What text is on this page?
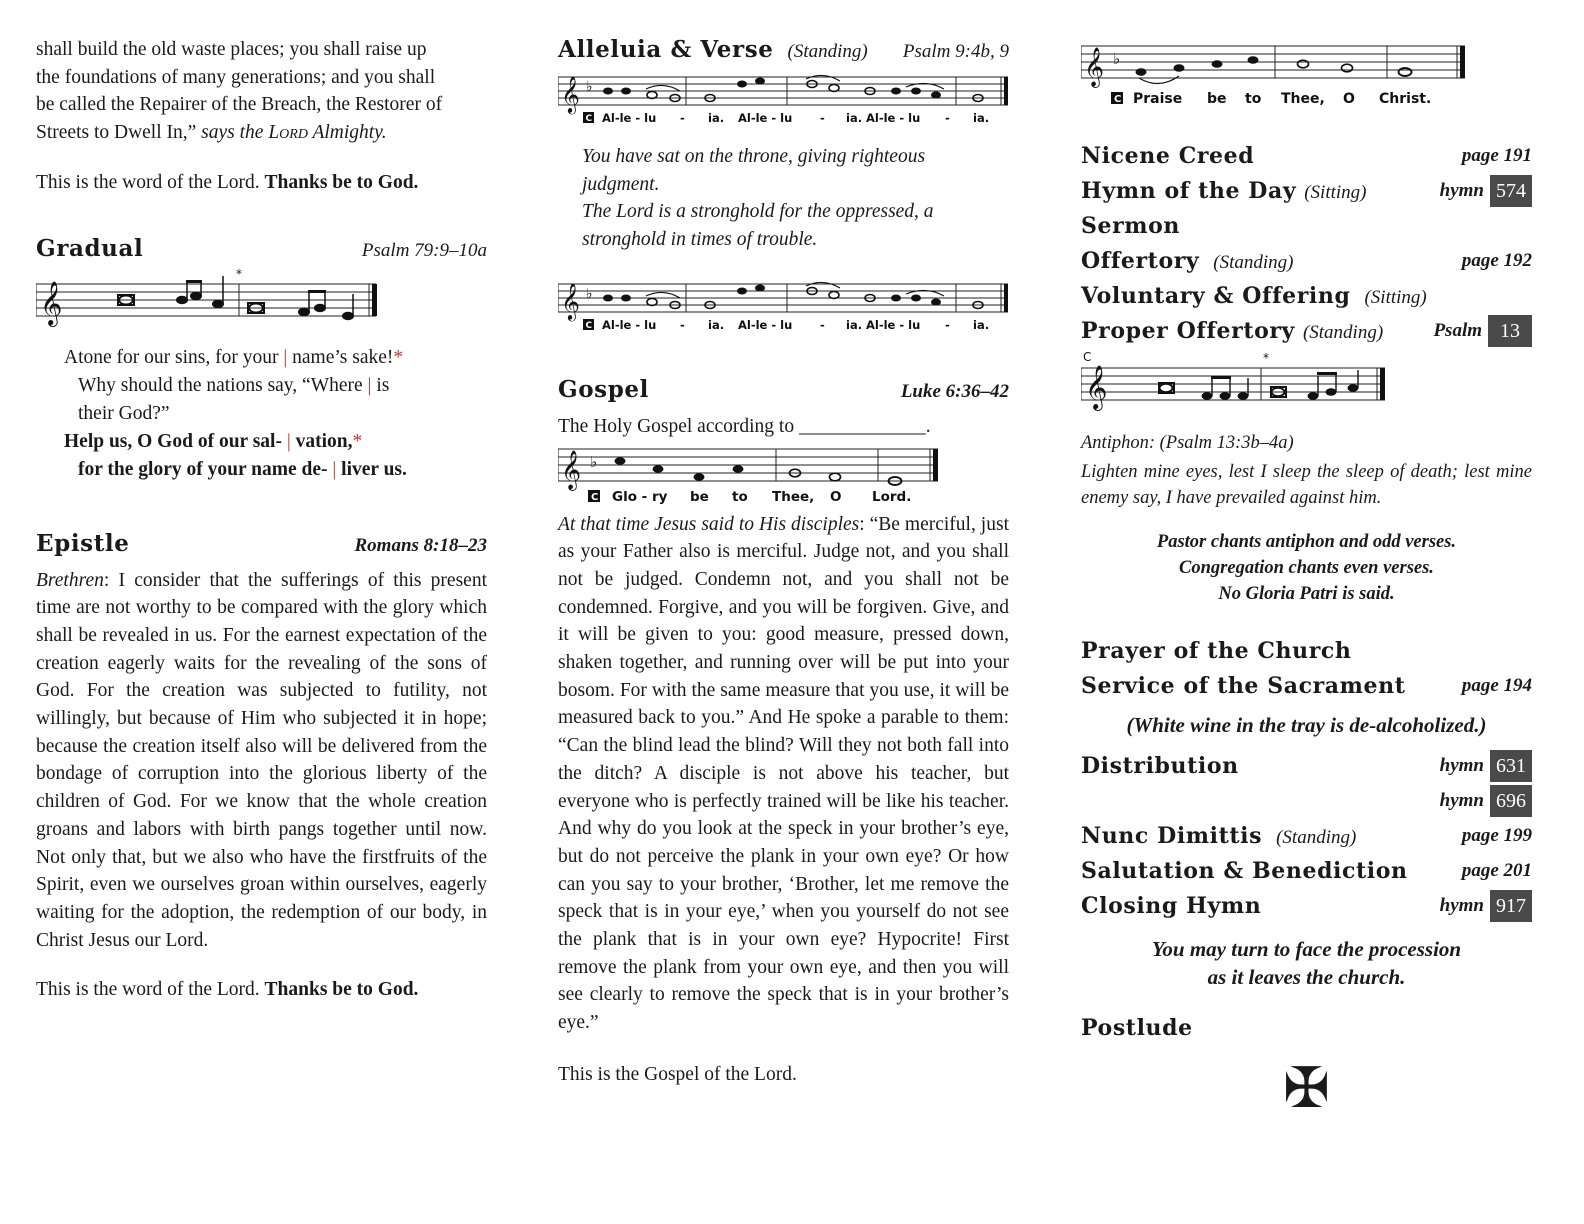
shall build the old waste places; you shall raise up
the foundations of many generations; and you shall
be called the Repairer of the Breach, the Restorer of
Streets to Dwell In,” says the Lord Almighty.
This is the word of the Lord. Thanks be to God.
Gradual	Psalm 79:9–10a
𝄞
*
Atone for our sins, for your | name’s sake!*
Why should the nations say, “Where | is
their God?”
Help us, O God of our sal- | vation,*
for the glory of your name de- | liver us.
Epistle	Romans 8:18–23
Brethren: I consider that the sufferings of this present time are not worthy to be compared with the glory which shall be revealed in us. For the earnest expectation of the creation eagerly waits for the revealing of the sons of God. For the creation was subjected to futility, not willingly, but because of Him who subjected it in hope; because the creation itself also will be delivered from the bondage of corruption into the glorious liberty of the children of God. For we know that the whole creation groans and labors with birth pangs together until now. Not only that, but we also who have the firstfruits of the Spirit, even we ourselves groan within ourselves, eagerly waiting for the adoption, the redemption of our body, in Christ Jesus our Lord.
This is the word of the Lord. Thanks be to God.
Alleluia & Verse (Standing) Psalm 9:4b, 9
𝄞 ♭
C Al-le - lu - ia. Al-le - lu - ia. Al-le - lu - ia.
You have sat on the throne, giving righteous
judgment.
The Lord is a stronghold for the oppressed, a
stronghold in times of trouble.
𝄞 ♭
C Al-le - lu - ia. Al-le - lu - ia. Al-le - lu - ia.
Gospel	Luke 6:36–42
The Holy Gospel according to _____________.
𝄞 ♭
C Glo - ry be to Thee, O Lord.
At that time Jesus said to His disciples: “Be merciful, just as your Father also is merciful. Judge not, and you shall not be judged. Condemn not, and you shall not be condemned. Forgive, and you will be forgiven. Give, and it will be given to you: good measure, pressed down, shaken together, and running over will be put into your bosom. For with the same measure that you use, it will be measured back to you.” And He spoke a parable to them: “Can the blind lead the blind? Will they not both fall into the ditch? A disciple is not above his teacher, but everyone who is perfectly trained will be like his teacher. And why do you look at the speck in your brother’s eye, but do not perceive the plank in your own eye? Or how can you say to your brother, ‘Brother, let me remove the speck that is in your eye,’ when you yourself do not see the plank that is in your own eye? Hypocrite! First remove the plank from your own eye, and then you will see clearly to remove the speck that is in your brother’s eye.”
This is the Gospel of the Lord.
𝄞 ♭
C Praise be to Thee, O Christ.
Nicene Creed	page 191
Hymn of the Day (Sitting)	hymn 574
Sermon
Offertory (Standing)	page 192
Voluntary & Offering (Sitting)
Proper Offertory (Standing)	Psalm 13
C
𝄞
*
Antiphon: (Psalm 13:3b–4a)
Lighten mine eyes, lest I sleep the sleep of death; lest mine enemy say, I have prevailed against him.
Pastor chants antiphon and odd verses.
Congregation chants even verses.
No Gloria Patri is said.
Prayer of the Church
Service of the Sacrament	page 194
(White wine in the tray is de-alcoholized.)
Distribution	hymn 631
hymn 696
Nunc Dimittis (Standing)	page 199
Salutation & Benediction	page 201
Closing Hymn	hymn 917
You may turn to face the procession
as it leaves the church.
Postlude
✠
